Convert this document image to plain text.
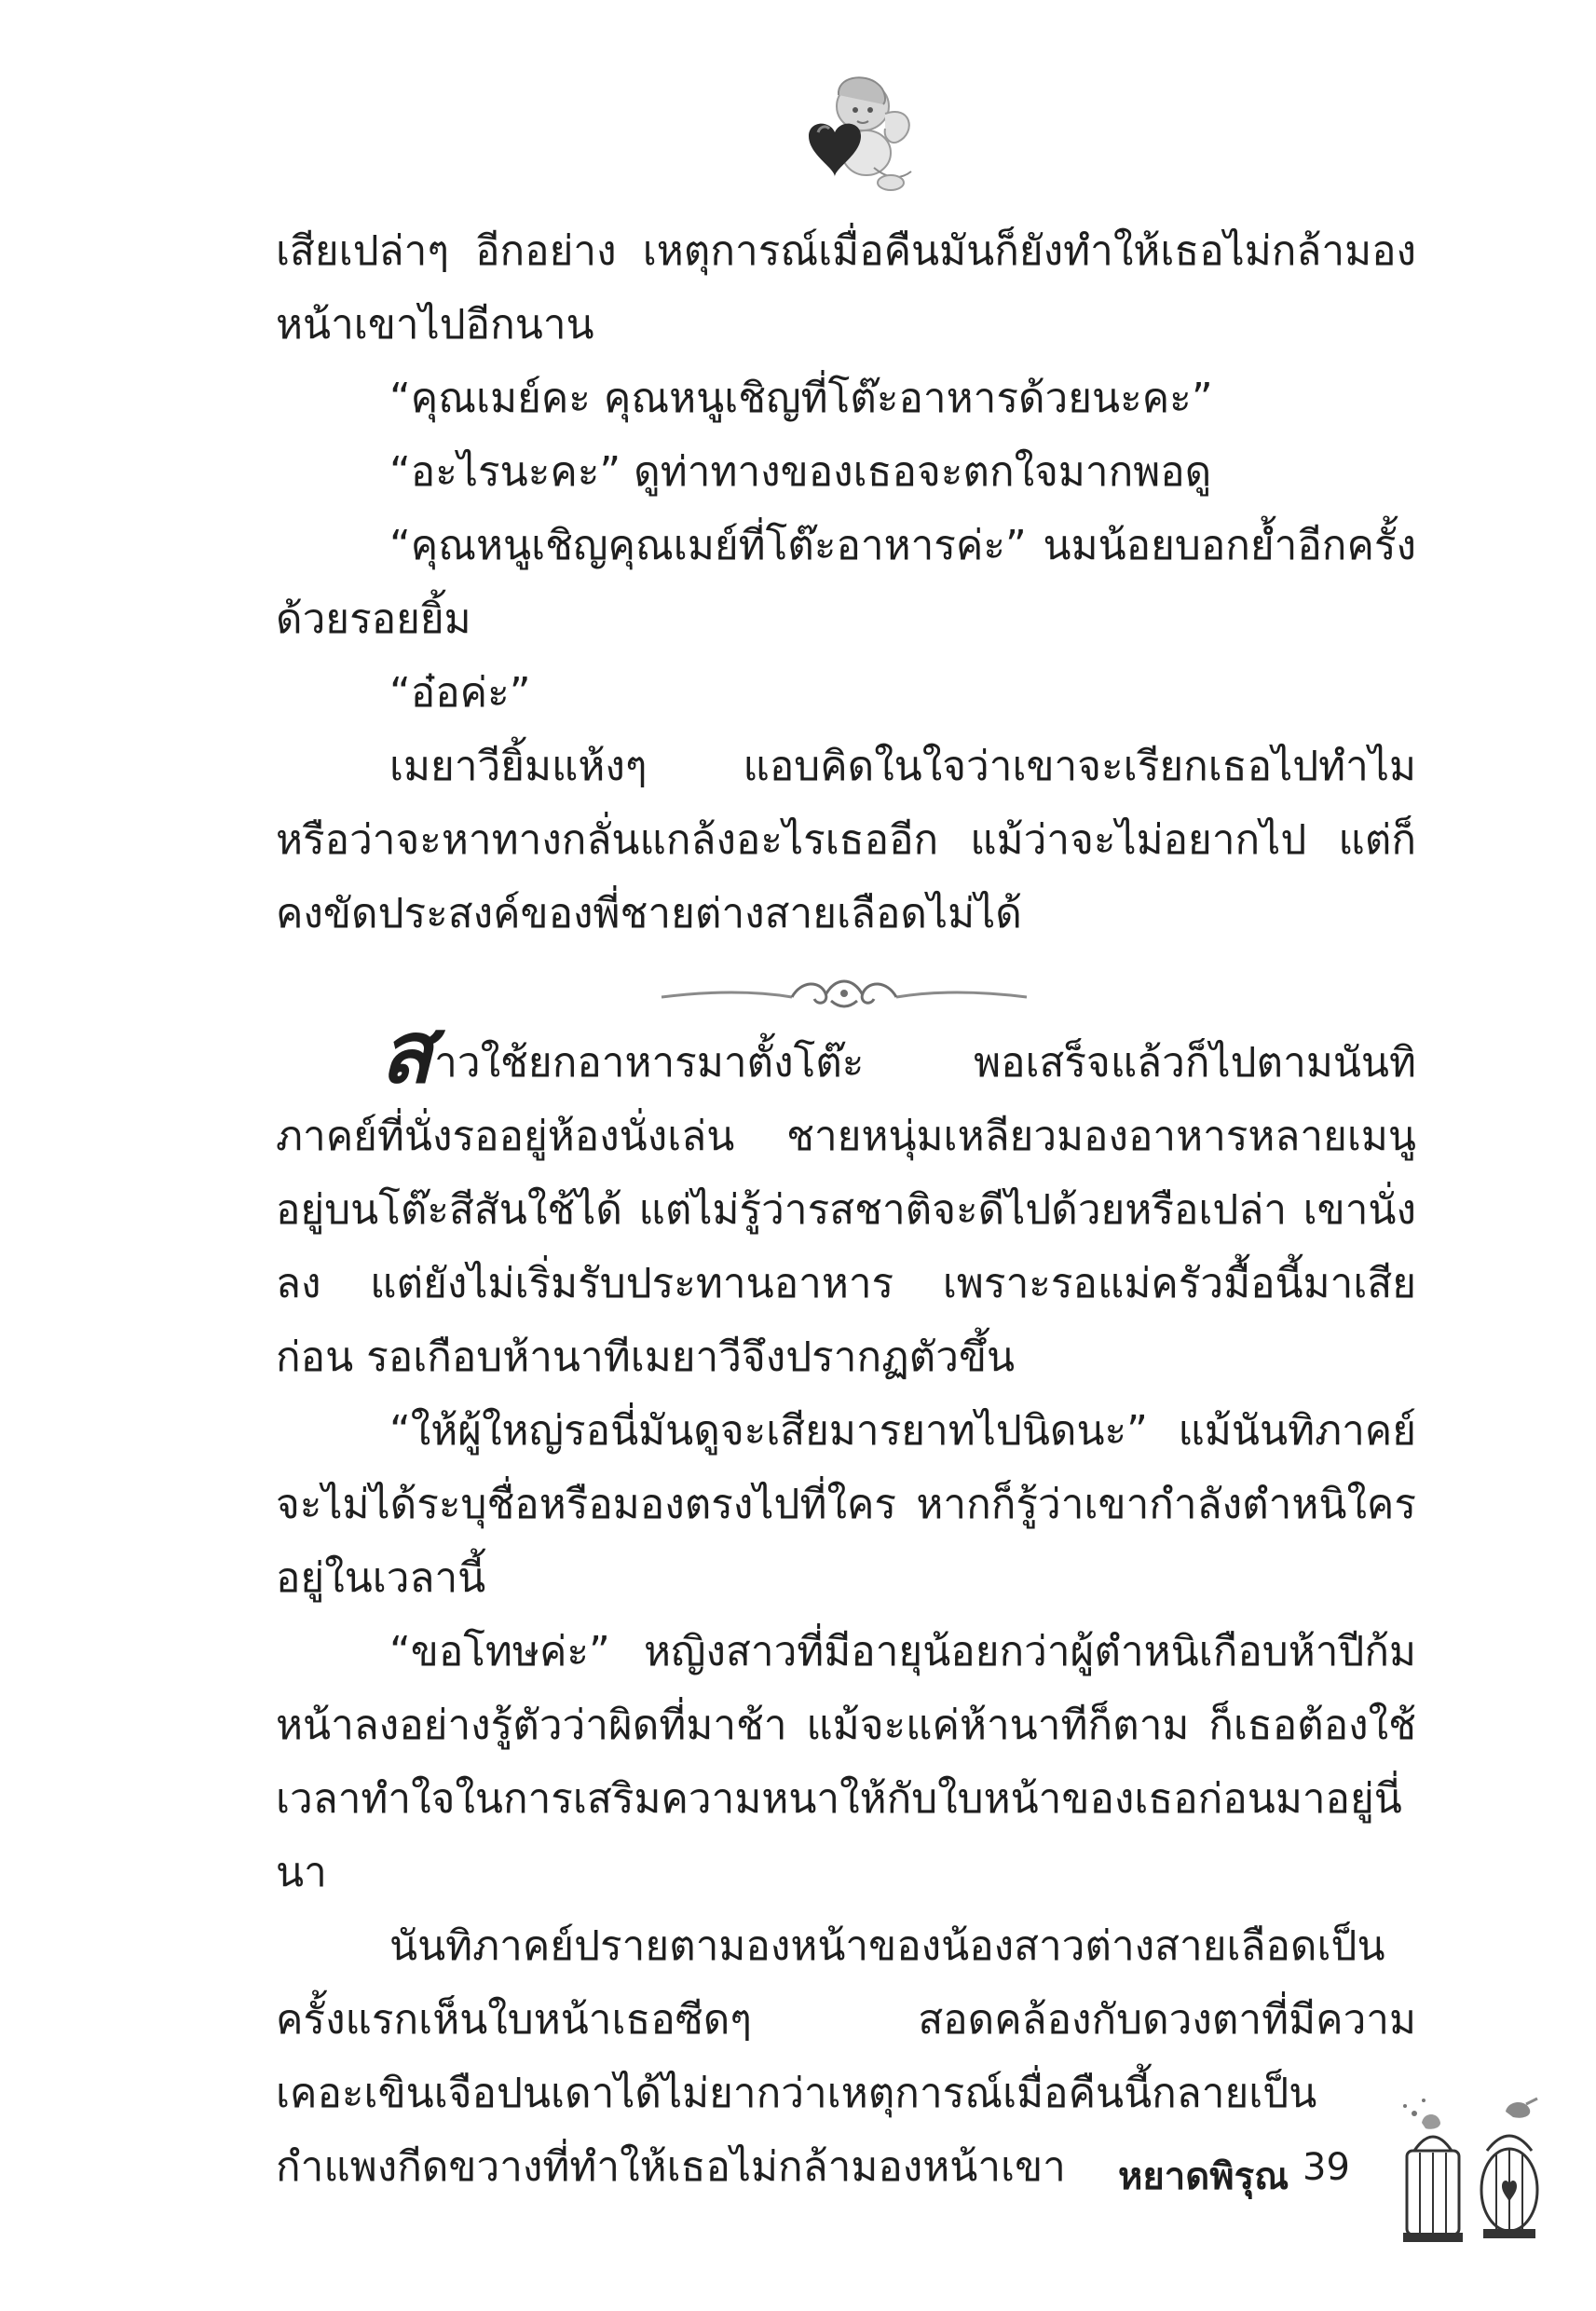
เสียเปล่าๆ อีกอย่าง เหตุการณ์เมื่อคืนมันก็ยังทำให้เธอไม่กล้ามองหน้าเขาไปอีกนาน

“คุณเมย์คะ คุณหนูเชิญที่โต๊ะอาหารด้วยนะคะ”

“อะไรนะคะ” ดูท่าทางของเธอจะตกใจมากพอดู

“คุณหนูเชิญคุณเมย์ที่โต๊ะอาหารค่ะ” นมน้อยบอกย้ำอีกครั้งด้วยรอยยิ้ม

“อ๋อค่ะ”

เมยาวียิ้มแห้งๆ แอบคิดในใจว่าเขาจะเรียกเธอไปทำไม หรือว่าจะหาทางกลั่นแกล้งอะไรเธออีก แม้ว่าจะไม่อยากไป แต่ก็คงขัดประสงค์ของพี่ชายต่างสายเลือดไม่ได้

สาวใช้ยกอาหารมาตั้งโต๊ะ พอเสร็จแล้วก็ไปตามนันทิภาคย์ที่นั่งรออยู่ห้องนั่งเล่น ชายหนุ่มเหลียวมองอาหารหลายเมนูอยู่บนโต๊ะสีสันใช้ได้ แต่ไม่รู้ว่ารสชาติจะดีไปด้วยหรือเปล่า เขานั่งลง แต่ยังไม่เริ่มรับประทานอาหาร เพราะรอแม่ครัวมื้อนี้มาเสียก่อน รอเกือบห้านาทีเมยาวีจึงปรากฏตัวขึ้น

“ให้ผู้ใหญ่รอนี่มันดูจะเสียมารยาทไปนิดนะ” แม้นันทิภาคย์จะไม่ได้ระบุชื่อหรือมองตรงไปที่ใคร หากก็รู้ว่าเขากำลังตำหนิใครอยู่ในเวลานี้

“ขอโทษค่ะ” หญิงสาวที่มีอายุน้อยกว่าผู้ตำหนิเกือบห้าปีก้มหน้าลงอย่างรู้ตัวว่าผิดที่มาช้า แม้จะแค่ห้านาทีก็ตาม ก็เธอต้องใช้เวลาทำใจในการเสริมความหนาให้กับใบหน้าของเธอก่อนมาอยู่นี่นา

นันทิภาคย์ปรายตามองหน้าของน้องสาวต่างสายเลือดเป็นครั้งแรกเห็นใบหน้าเธอซีดๆ สอดคล้องกับดวงตาที่มีความเคอะเขินเจือปนเดาได้ไม่ยากว่าเหตุการณ์เมื่อคืนนี้กลายเป็นกำแพงกีดขวางที่ทำให้เธอไม่กล้ามองหน้าเขา	หยาดพิรุณ 39
